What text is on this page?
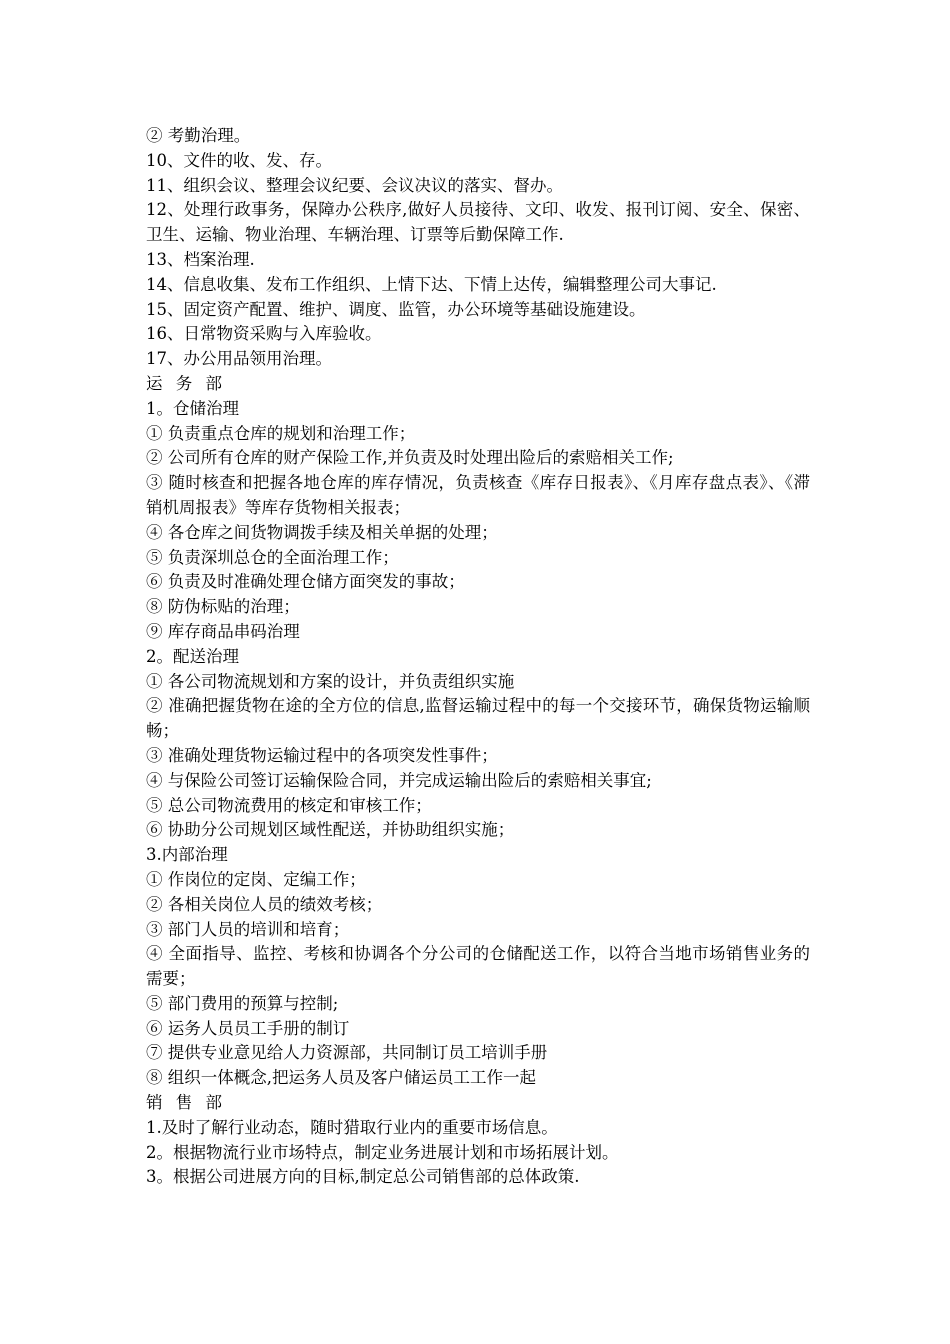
② 考勤治理。
10、文件的收、发、存。
11、组织会议、整理会议纪要、会议决议的落实、督办。
12、处理行政事务，保障办公秩序,做好人员接待、文印、收发、报刊订阅、安全、保密、卫生、运输、物业治理、车辆治理、订票等后勤保障工作.
13、档案治理.
14、信息收集、发布工作组织、上情下达、下情上达传，编辑整理公司大事记.
15、固定资产配置、维护、调度、监管，办公环境等基础设施建设。
16、日常物资采购与入库验收。
17、办公用品领用治理。
运 务 部
1。仓储治理
① 负责重点仓库的规划和治理工作；
② 公司所有仓库的财产保险工作,并负责及时处理出险后的索赔相关工作;
③ 随时核查和把握各地仓库的库存情况，负责核查《库存日报表》、《月库存盘点表》、《滞销机周报表》等库存货物相关报表；
④ 各仓库之间货物调拨手续及相关单据的处理；
⑤ 负责深圳总仓的全面治理工作；
⑥ 负责及时准确处理仓储方面突发的事故；
⑧ 防伪标贴的治理；
⑨ 库存商品串码治理
2。配送治理
① 各公司物流规划和方案的设计，并负责组织实施
② 准确把握货物在途的全方位的信息,监督运输过程中的每一个交接环节，确保货物运输顺畅；
③ 准确处理货物运输过程中的各项突发性事件；
④ 与保险公司签订运输保险合同，并完成运输出险后的索赔相关事宜;
⑤ 总公司物流费用的核定和审核工作；
⑥ 协助分公司规划区域性配送，并协助组织实施；
3.内部治理
① 作岗位的定岗、定编工作；
② 各相关岗位人员的绩效考核；
③ 部门人员的培训和培育；
④ 全面指导、监控、考核和协调各个分公司的仓储配送工作，以符合当地市场销售业务的需要；
⑤ 部门费用的预算与控制;
⑥ 运务人员员工手册的制订
⑦ 提供专业意见给人力资源部，共同制订员工培训手册
⑧ 组织一体概念,把运务人员及客户储运员工工作一起
销 售 部
1.及时了解行业动态，随时猎取行业内的重要市场信息。
2。根据物流行业市场特点，制定业务进展计划和市场拓展计划。
3。根据公司进展方向的目标,制定总公司销售部的总体政策.
